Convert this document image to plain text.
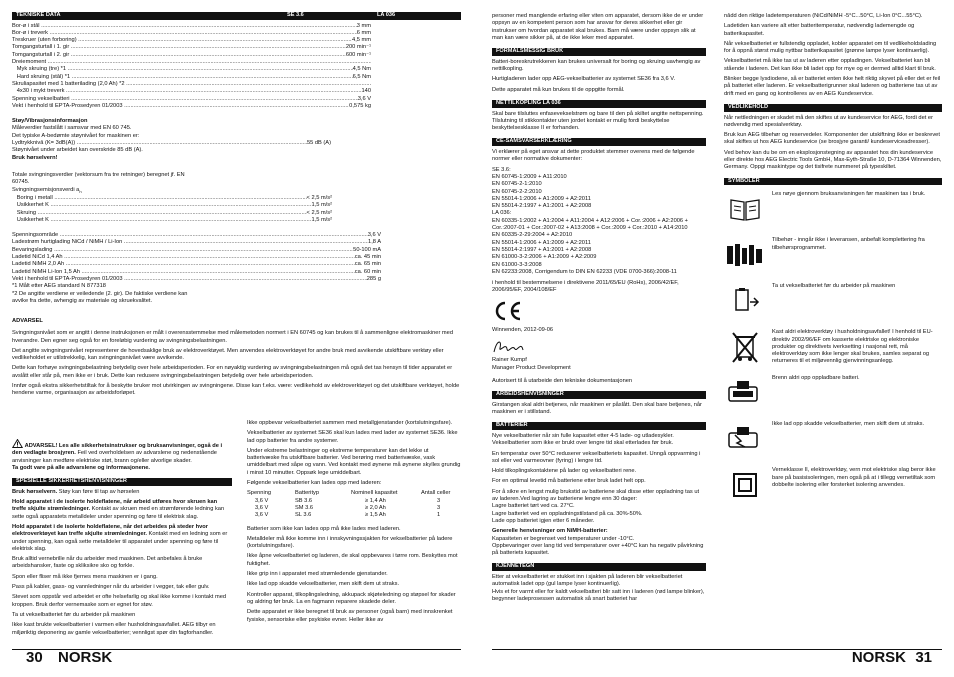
TEKNISKE DATA	SE 3.6	LA 036
Bor-ø i stål .....	3 mm
Bor-ø i treverk .....	6 mm
Treskruer (uten forboring) .....	4,5 mm
Tomgangsturtall i 1. gir .....	200 min⁻¹
Tomgangsturtall i 2. gir .....	600 min⁻¹
Dreiemoment .....
Myk skruing (tre) *1 .....	4,5 Nm
Hard skruing (stål) *1 .....	6,5 Nm
Skruliapasitet med 1 batterilading (2,0 Ah) *2 .....
4x30 i mykt treverk .....	140
Spenning vekselbatteri .....	3,6 V
Vekt i henhold til EPTA-Prosedyren 01/2003 .....	0,575 kg

Støy/Vibrasjonsinformasjon

Måleverdier fastslått i samsvar med EN 60 745.
Det typiske A-bedømte støynivået for maskinen er:
Lydtrykknivå (K= 3dB(A)) .....	55 dB (A)
Støynivået under arbeidet kan overskride 85 dB (A).
Bruk hørselvern!
Totale svingningsverdier (vektorsum fra tre retninger) beregnet jf. EN
60745.
Svingningsemisjonsverdi $a_h$
Boring i metall .....	< 2,5 m/s²
Usikkerhet K .....	1,5 m/s²
Skruing .....	< 2,5 m/s²
Usikkerhet K .....	1,5 m/s²
Spenningsområde .....	3,6 V
Ladestrøm hurtiglading NiCd / NiMH / Li-Ion .....	1,8 A
Bevaringslading .....	50-100 mA
Ladetid NiCd 1,4 Ah .....	ca. 45 min
Ladetid NiMH 2,0 Ah .....	ca. 65 min
Ladetid NiMH Li-Ion 1,5 Ah .....	ca. 60 min
Vekt i henhold til EPTA-Prosedyren 01/2003 .....	285 g
*1 Målt etter AEG standard N 877318
*2 De angitte verdiene er veiledende (2. gir). De faktiske verdiene kan
avvike fra dette, avhengig av materiale og skruekvalitet.

ADVARSEL

Svingningsnivået som er angitt i denne instruksjonen er målt i overensstemmelse med målemetoden normert i EN 60745 og kan brukes til å sammenligne elektromaskiner med hverandre. Den egner seg også for en foreløbig vurdering av svingningsbelastningen.

Det angitte svingningsnivået representerer de hovedsaklige bruk av elektroverktøyet. Men anvendes elektroverktøyet for andre bruk med avvikende utskiftbare verktøy eller vedlikeholdet er utilstrekkelig, kan svingningsnivået være avvikende.

Dette kan forhøye svingningsbelastning betydelig over hele arbeidsperioden. For en nøyaktig vurdering av svingningsbelastningen må også det tas hensyn til tider apparatet er avslått eller står på, men ikke er i bruk. Dette kan redusere svingningsbelastningen betydelig over hele arbeidsperioden.

Innfør også ekstra sikkerhetstiltak for å beskytte bruker mot utvirkingen av svingningene. Disse kan f.eks. være: vedlikehold av elektroverktøyet og det utskiftbare verktøyet, holde hendene varme, organisasjon av arbeidsforløpet.

ADVARSEL! Les alle sikkerhetsinstrukser og bruksanvisninger, også de i den vedlagte brosjyren. Feil ved overholdelsen av advarslene og nedenstående anvisninger kan medføre elektriske støt, brann og/eller alvorlige skader.
Ta godt vare på alle advarslene og informasjonene.

SPESIELLE SIKKERHETSHENVISNINGER

Bruk hørselvern. Støy kan føre til tap av hørselen

Hold apparatet i de isolerte holdeflatene, når arbeid utføres hvor skruen kan treffe skjulte strømledninger. Kontakt av skruen med en strømførende ledning kan sette også apparatets metalldeler under spenning og føre til elektrisk slag.

Hold apparatet i de isolerte holdeflatene, når det arbeides på steder hvor elektroverktøyet kan treffe skjulte strømledninger. Kontakt med en ledning som er under spenning, kan også sette metalldeler til apparatet under spenning og føre til elektrisk slag.

Bruk alltid vernebrille når du arbeider med maskinen. Det anbefales å bruke arbeidshansker, faste og skliksikre sko og forkle.

Spon eller fliser må ikke fjernes mens maskinen er i gang.

Pass på kabler, gass- og vannledninger når du arbeider i vegger, tak eller gulv.

Stevet som oppstår ved arbeidet er ofte helsefarlig og skal ikke komme i kontakt med kroppen. Bruk derfor vernemaske som er egnet for støv.

Ta ut vekselbatteriet før du arbeider på maskinen

Ikke kast brukte vekselbatterier i varmen eller husholdningsavfallet. AEG tilbyr en miljøriktig deponering av gamle vekselbatterier; vennligst spør din fagforhandler.

Ikke oppbevar vekselbatteriet sammen med metallgjenstander (kortslutningsfare).

Vekselbatterier av systemet SE36 skal kun lades med lader av systemet SE36. Ikke lad opp batterier fra andre systemer.

Under ekstreme belastninger og ekstreme temperaturer kan det lekke ut batterivæske fra utskiftbare batterier. Ved berøring med batterivæske, vask umiddelbart med såpe og vann. Ved kontakt med øynene må øynene skylles grundig i minst 10 minutter. Oppsøk lege umiddelbart.

Følgende vekselbatterier kan lades opp med laderen:

Spenning	Batterityp	Nominell kapasitet	Antall celler
3,6 V	SB 3.6	≥ 1,4 Ah	3
3,6 V	SM 3.6	≥ 2,0 Ah	3
3,6 V	SL 3.6	≥ 1,5 Ah	1

Batterier som ikke kan lades opp må ikke lades med laderen.

Metalldeler må ikke komme inn i innskyvningssjakten for vekselbatterier på ladere (kortslutningsfare).

Ikke åpne vekselbatteriet og laderen, de skal oppbevares i tørre rom. Beskyttes mot fuktighet.

Ikke grip inn i apparatet med strømledende gjenstander.

Ikke lad opp skadde vekselbatterier, men skift dem ut straks.

Kontroller apparat, tilkoplingsledning, akkupack skjøteledning og støpsel for skader og aldring før bruk. La en fagmann reparere skadede deler.

Dette apparatet er ikke beregnet til bruk av personer (også barn) med innskrenket fysiske, sensoriske eller psykiske evner. Heller ikke av

30 NORSK

personer med manglende erfaring eller viten om apparatet, dersom ikke de er under oppsyn av en kompetent person som har ansvar for deres sikkerhet eller gir instrukser om hvordan apparatet skal brukes. Barn må være under oppsyn slik at man kan være sikker på, at de ikke leker med apparatet.

FORMÅLSMESSIG BRUK

Batteri-boreskrutrekkeren kan brukes universalt for boring og skruing uavhengig av nettilkopling.

Hurtigladeren lader opp AEG-vekselbatterier av systemet SE36 fra 3,6 V.

Dette apparatet må kun brukes til de oppgitte formål.

NETTILKOPLING LA 036

Skal bare tilsluttes enfasevekselstrøm og bare til den på skiltet angitte nettspenning. Tilslutning til stikkontakter uten jordet kontakt er mulig fordi beskyttelse beskyttelsesklasse II er forhanden.

CE-SAMSVARSERKLÆRING

Vi erklærer på eget ansvar at dette produktet stemmer overens med de følgende normer eller normative dokumenter:

SE 3.6:
EN 60745-1:2009 + A11:2010
EN 60745-2-1:2010
EN 60745-2-2:2010
EN 55014-1:2006 + A1:2009 + A2:2011
EN 55014-2:1997 + A1:2001 + A2:2008
LA 036:
EN 60335-1:2002 + A1:2004 + A11:2004 + A12:2006 + Cor.:2006 + A2:2006 + Cor.:2007-01 + Cor.:2007-02 + A13:2008 + Cor.:2009 + Cor.:2010 + A14:2010
EN 60335-2-29:2004 + A2:2010
EN 55014-1:2006 + A1:2009 + A2:2011
EN 55014-2:1997 + A1:2001 + A2:2008
EN 61000-3-2:2006 + A1:2009 + A2:2009
EN 61000-3-3:2008
EN 62233:2008, Corrigendum to DIN EN 62233 (VDE 0700-366):2008-11

i henhold til bestemmelsene i direktivene 2011/65/EU (RoHs), 2006/42/EF, 2006/95/EF, 2004/108/EF

Winnenden, 2012-09-06

Rainer Kumpf

Manager Product Development

Autorisert til å utarbeide den tekniske dokumentasjonen

ARBEIDSHENVISNINGER

Girstangen skal aldri betjenes, når maskinen er påslått. Den skal bare betjenes, når maskinen er i stillstand.

BATTERIER

Nye vekselbatterier når sin fulle kapasitet etter 4-5 lade- og utladesykler. Vekselbatterier som ikke er brukt over lengre tid skal etterlades før bruk.

En temperatur over 50°C reduserer vekselbatteriets kapasitet. Unngå oppvarming i sol eller ved varmeovner (fyring) i lengre tid.

Hold tilkoplingskontaktene på lader og vekselbatteri rene.

For en optimal levetid må batteriene etter bruk ladet helt opp.

For å sikre en lengst mulig brukstid av batteriene skal disse etter oppladning tas ut av laderen.Ved lagring av batteriene lengre enn 30 dager:
Lagre batteriet tørt ved ca. 27°C.
Lagre batteriet ved en oppladningstilstand på ca. 30%-50%.
Lade opp batteriet igjen etter 6 måneder.

Generelle henvisninger om NiMH-batterier:

Kapasiteten er begrenset ved temperaturer under -10°C.
Oppbevaringer over lang tid ved temperaturer over +40°C kan ha negativ påvirkning på batteriets kapasitet.

KJENNETEGN

Etter at vekselbatteriet er stukket inn i sjakten på laderen blir vekselbatteriet automatisk ladet opp (gul lampe lyser kontinuerlig).
Hvis et for varmt eller for kaldt vekselbatteri blir satt inn i laderen (rød lampe blinker), begynner ladeprosessen automatisk så snart batteriet har

nådd den riktige ladetemperaturen (NiCd/NiMH -5°C...50°C, Li-Ion 0°C...55°C).

Ladetiden kan variere alt etter batteritemperatur, nødvendig lademengde og batterikapasitet.

Når vekselbatteriet er fullstendig oppladet, kobler apparatet om til vedlikeholdslading for å oppnå størst mulig nyttbar batterikapasitet (grønne lampe lyser kontinuerlig).

Vekselbatteriet må ikke tas ut av laderen etter oppladingen. Vekselbatteriet kan bli stående i laderen. Det kan ikke bli ladet opp for mye og er dermed alltid klart til bruk.

Blinker begge lysdiodene, så er batteriet enten ikke helt riktig skyvet på eller det er feil på batteriet eller laderen. Er vekselbatterigrunner skal laderen og batteriene tas ut av drift med en gang og kontrolleres av en AEG Kundeservice.

VEDLIKEHOLD

Når nettledningen er skadet må den skiftes ut av kundeservice for AEG, fordi det er nødvendig med spesialverktøy.

Bruk kun AEG tilbehør og reservedeler. Komponenter der utskiftning ikke er beskrevet skal skiftes ut hos AEG kundeservice (se brosjyre garanti/ kundeserviceadresser).

Ved behov kan du be om en eksplosjonstegning av apparatet hos din kundeservice eller direkte hos AEG Electric Tools GmbH, Max-Eyth-Straße 10, D-71364 Winnenden, Germany. Oppgi maskintype og det tisifrete nummeret på typeskiltet.

SYMBOLER
Les nøye gjennom bruksanvisningen før maskinen tas i bruk.
Tilbehør - inngår ikke i leveransen, anbefalt komplettering fra tilbehørsprogrammet.
Ta ut vekselbatteriet før du arbeider på maskinen
Kast aldri elektroverktøy i husholdningsavfallet! I henhold til EU-direktiv 2002/96/EF om kasserte elektriske og elektroniske produkter og direktivets iverksetting i nasjonal rett, må elektroverktøy som ikke lenger skal brukes, samles separat og returneres til et miljøvennlig gjenvinningsanlegg.
Brenn aldri opp oppladbare batteri.
Ikke lad opp skadde vekselbatterier, men skift dem ut straks.
Verneklasse II, elektroverktøy, vern mot elektriske slag beror ikke bare på basisisoleringen, men også på at i tillegg vernetiltak som dobbelte isolering eller forsterket isolering anvendes.
NORSK 31
